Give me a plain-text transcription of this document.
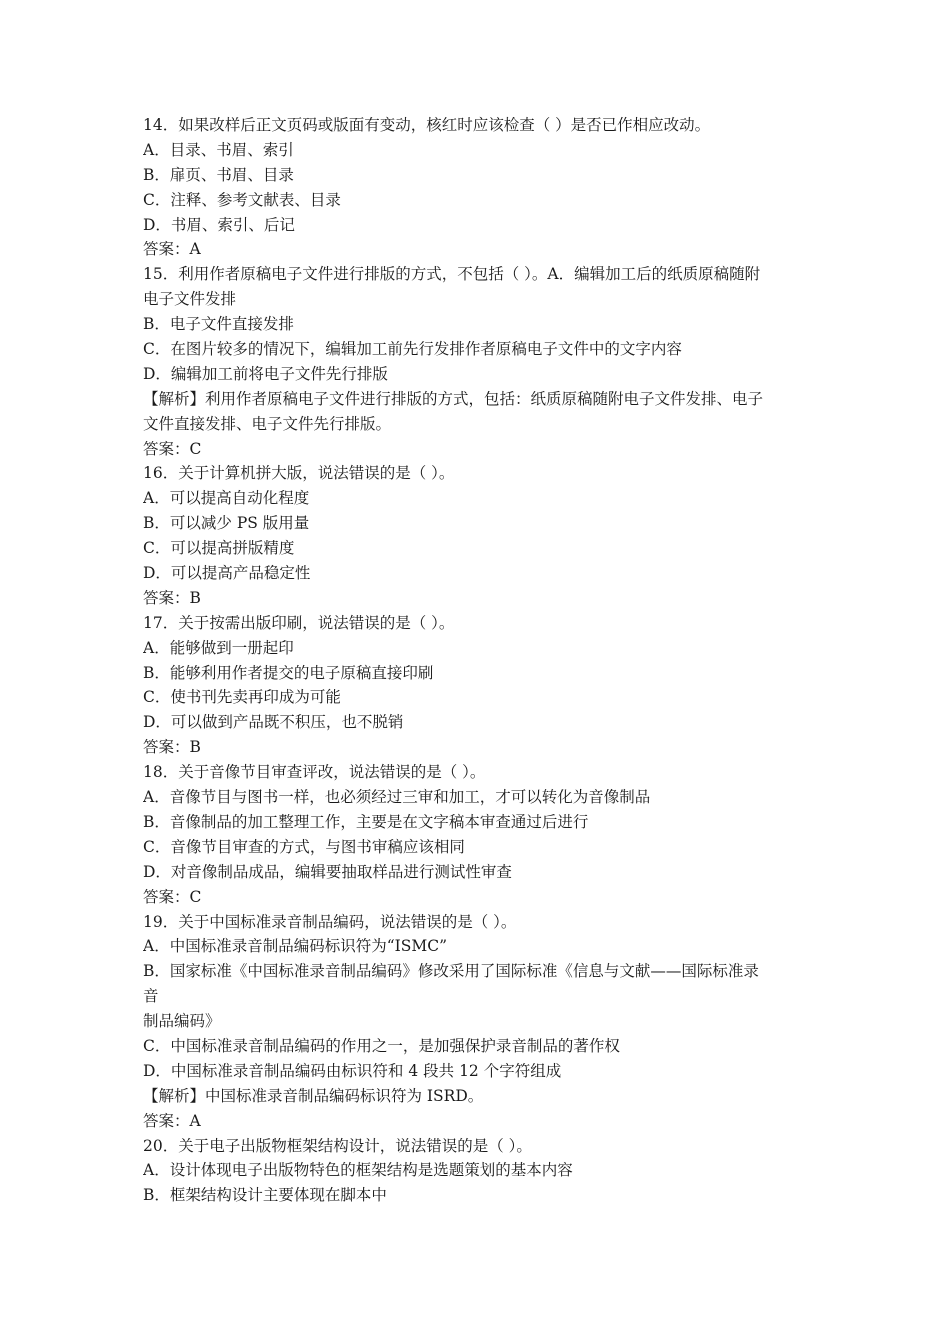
14．如果改样后正文页码或版面有变动，核红时应该检查（ ）是否已作相应改动。
A．目录、书眉、索引
B．扉页、书眉、目录
C．注释、参考文献表、目录
D．书眉、索引、后记
答案：A
15．利用作者原稿电子文件进行排版的方式，不包括（ ）。A．编辑加工后的纸质原稿随附
电子文件发排
B．电子文件直接发排
C．在图片较多的情况下，编辑加工前先行发排作者原稿电子文件中的文字内容
D．编辑加工前将电子文件先行排版
【解析】利用作者原稿电子文件进行排版的方式，包括：纸质原稿随附电子文件发排、电子
文件直接发排、电子文件先行排版。
答案：C
16．关于计算机拼大版，说法错误的是（ ）。
A．可以提高自动化程度
B．可以减少 PS 版用量
C．可以提高拼版精度
D．可以提高产品稳定性
答案：B
17．关于按需出版印刷，说法错误的是（ ）。
A．能够做到一册起印
B．能够利用作者提交的电子原稿直接印刷
C．使书刊先卖再印成为可能
D．可以做到产品既不积压，也不脱销
答案：B
18．关于音像节目审查评改，说法错误的是（ ）。
A．音像节目与图书一样，也必须经过三审和加工，才可以转化为音像制品
B．音像制品的加工整理工作，主要是在文字稿本审查通过后进行
C．音像节目审查的方式，与图书审稿应该相同
D．对音像制品成品，编辑要抽取样品进行测试性审查
答案：C
19．关于中国标准录音制品编码，说法错误的是（ ）。
A．中国标准录音制品编码标识符为“ISMC”
B．国家标准《中国标准录音制品编码》修改采用了国际标准《信息与文献——国际标准录
音
制品编码》
C．中国标准录音制品编码的作用之一，是加强保护录音制品的著作权
D．中国标准录音制品编码由标识符和 4 段共 12 个字符组成
【解析】中国标准录音制品编码标识符为 ISRD。
答案：A
20．关于电子出版物框架结构设计，说法错误的是（ ）。
A．设计体现电子出版物特色的框架结构是选题策划的基本内容
B．框架结构设计主要体现在脚本中
